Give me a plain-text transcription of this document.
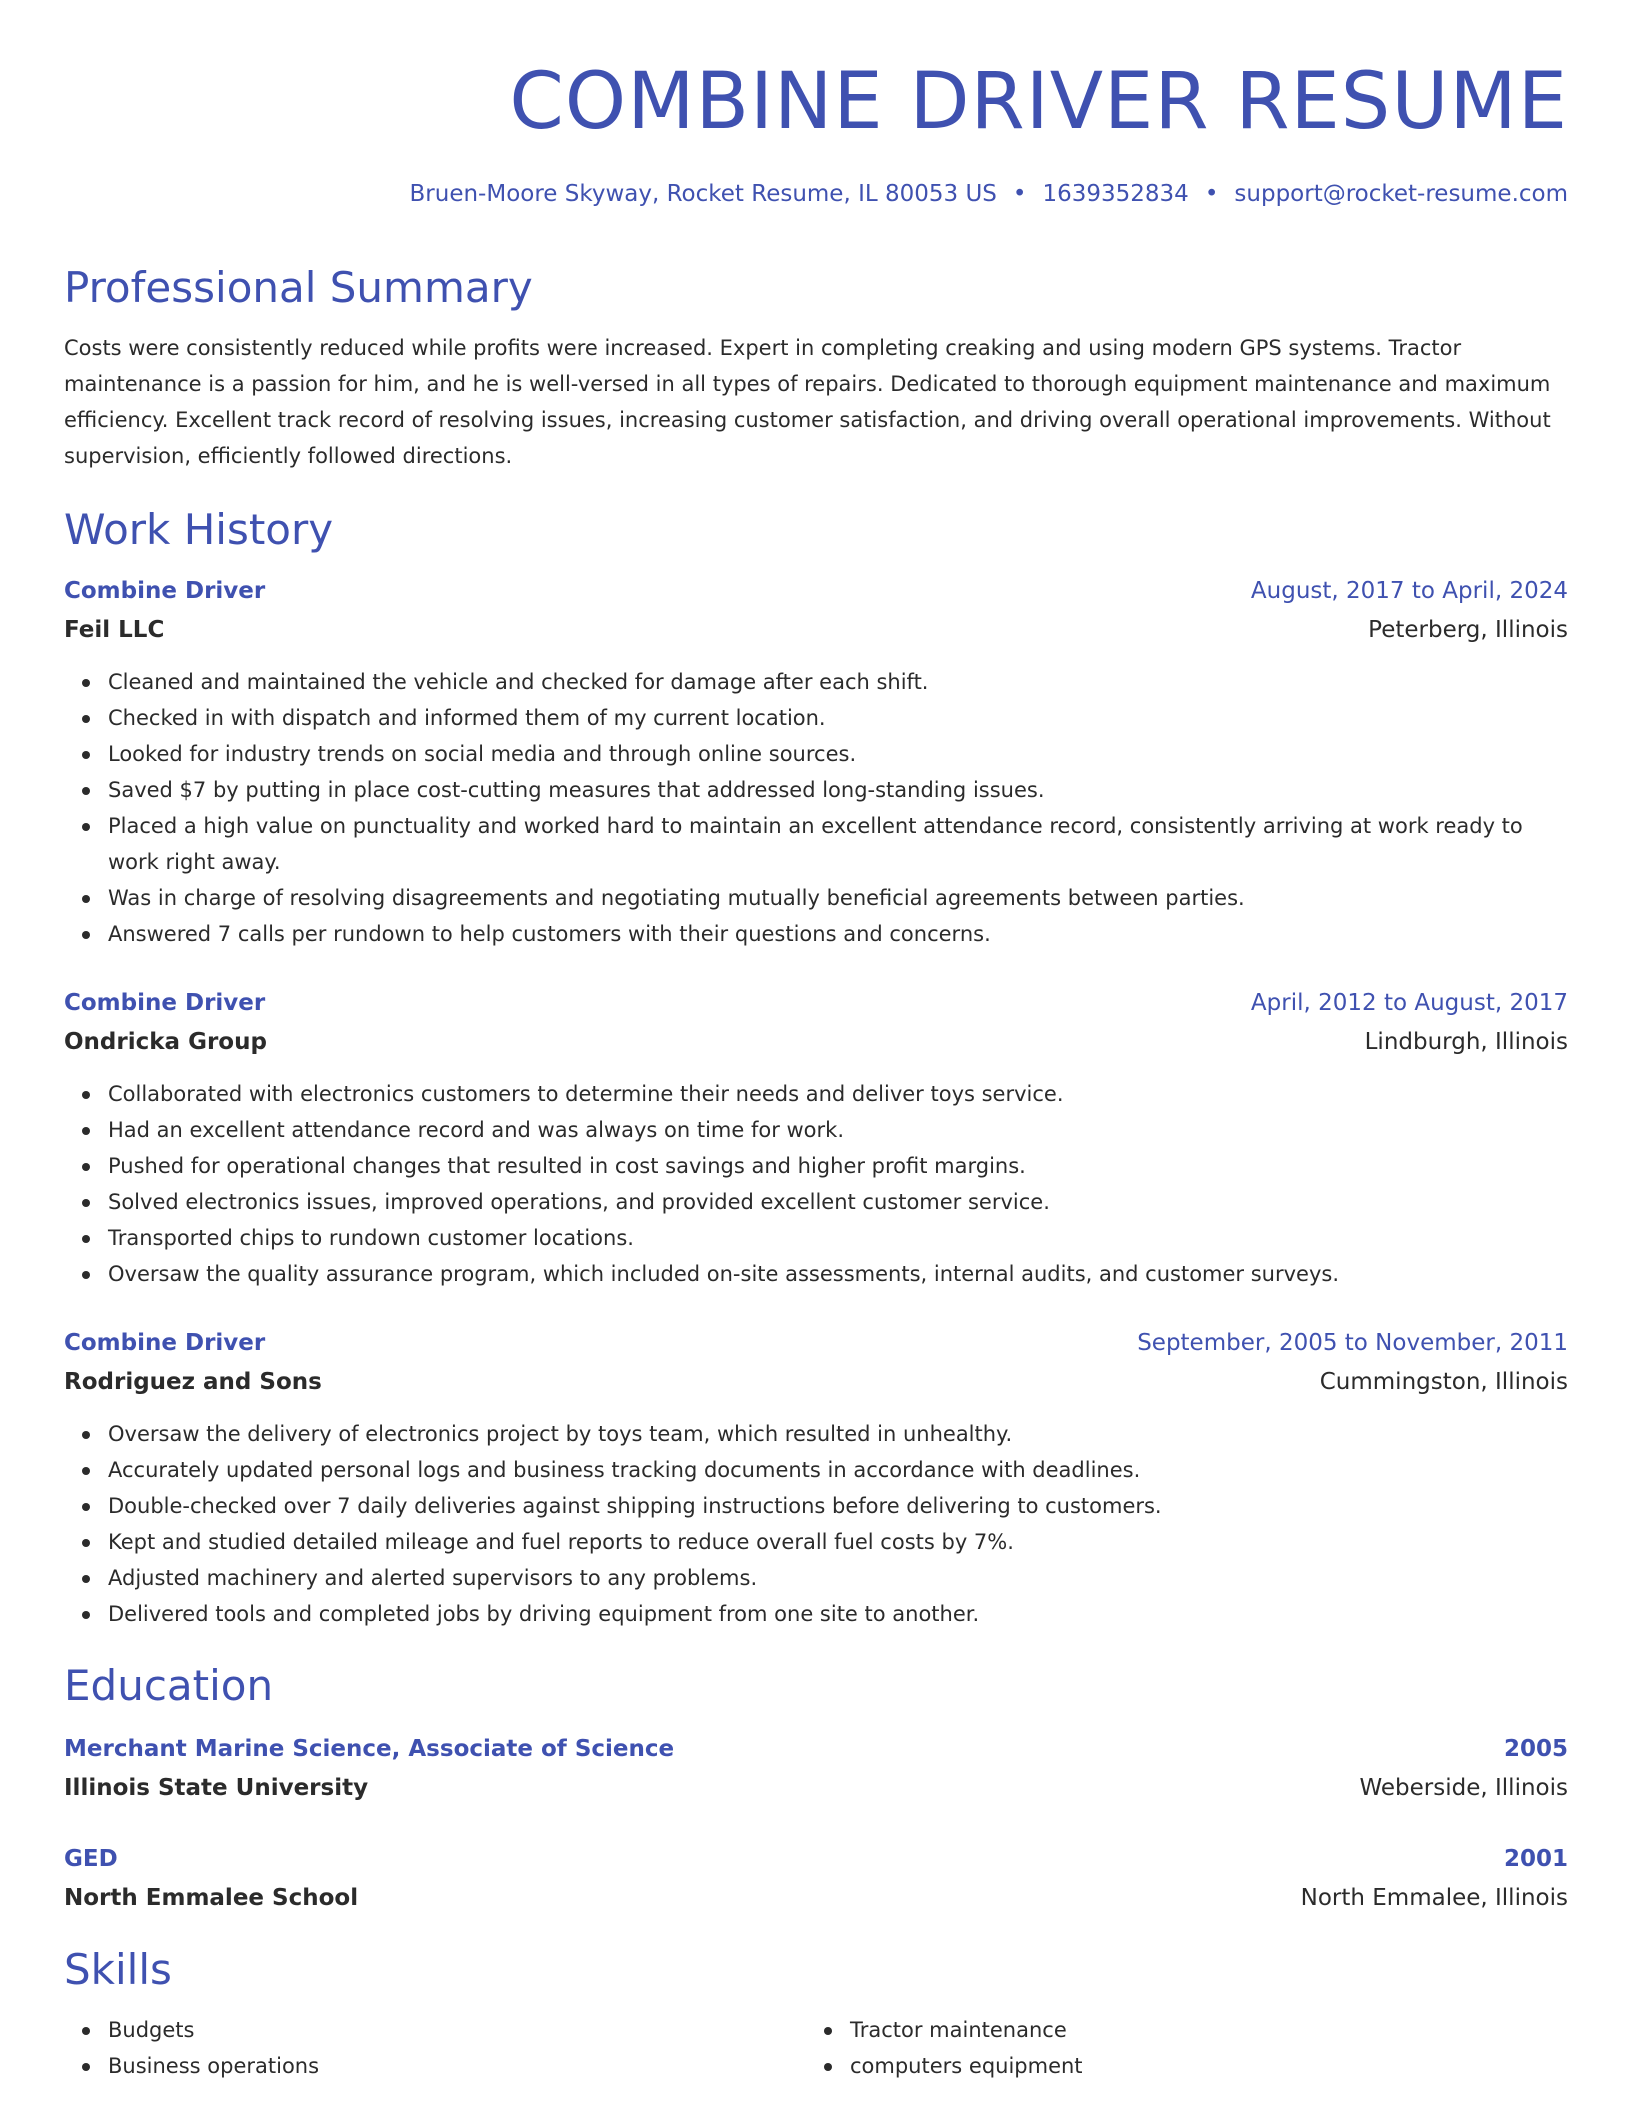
COMBINE DRIVER RESUME
Bruen-Moore Skyway, Rocket Resume, IL 80053 US • 1639352834 • support@rocket-resume.com
Professional Summary
Costs were consistently reduced while profits were increased. Expert in completing creaking and using modern GPS systems. Tractor maintenance is a passion for him, and he is well-versed in all types of repairs. Dedicated to thorough equipment maintenance and maximum efficiency. Excellent track record of resolving issues, increasing customer satisfaction, and driving overall operational improvements. Without supervision, efficiently followed directions.
Work History
Combine Driver	August, 2017 to April, 2024
Feil LLC	Peterberg, Illinois
Cleaned and maintained the vehicle and checked for damage after each shift.
Checked in with dispatch and informed them of my current location.
Looked for industry trends on social media and through online sources.
Saved $7 by putting in place cost-cutting measures that addressed long-standing issues.
Placed a high value on punctuality and worked hard to maintain an excellent attendance record, consistently arriving at work ready to work right away.
Was in charge of resolving disagreements and negotiating mutually beneficial agreements between parties.
Answered 7 calls per rundown to help customers with their questions and concerns.
Combine Driver	April, 2012 to August, 2017
Ondricka Group	Lindburgh, Illinois
Collaborated with electronics customers to determine their needs and deliver toys service.
Had an excellent attendance record and was always on time for work.
Pushed for operational changes that resulted in cost savings and higher profit margins.
Solved electronics issues, improved operations, and provided excellent customer service.
Transported chips to rundown customer locations.
Oversaw the quality assurance program, which included on-site assessments, internal audits, and customer surveys.
Combine Driver	September, 2005 to November, 2011
Rodriguez and Sons	Cummingston, Illinois
Oversaw the delivery of electronics project by toys team, which resulted in unhealthy.
Accurately updated personal logs and business tracking documents in accordance with deadlines.
Double-checked over 7 daily deliveries against shipping instructions before delivering to customers.
Kept and studied detailed mileage and fuel reports to reduce overall fuel costs by 7%.
Adjusted machinery and alerted supervisors to any problems.
Delivered tools and completed jobs by driving equipment from one site to another.
Education
Merchant Marine Science, Associate of Science	2005
Illinois State University	Weberside, Illinois
GED	2001
North Emmalee School	North Emmalee, Illinois
Skills
Budgets
Business operations
Tractor maintenance
computers equipment
